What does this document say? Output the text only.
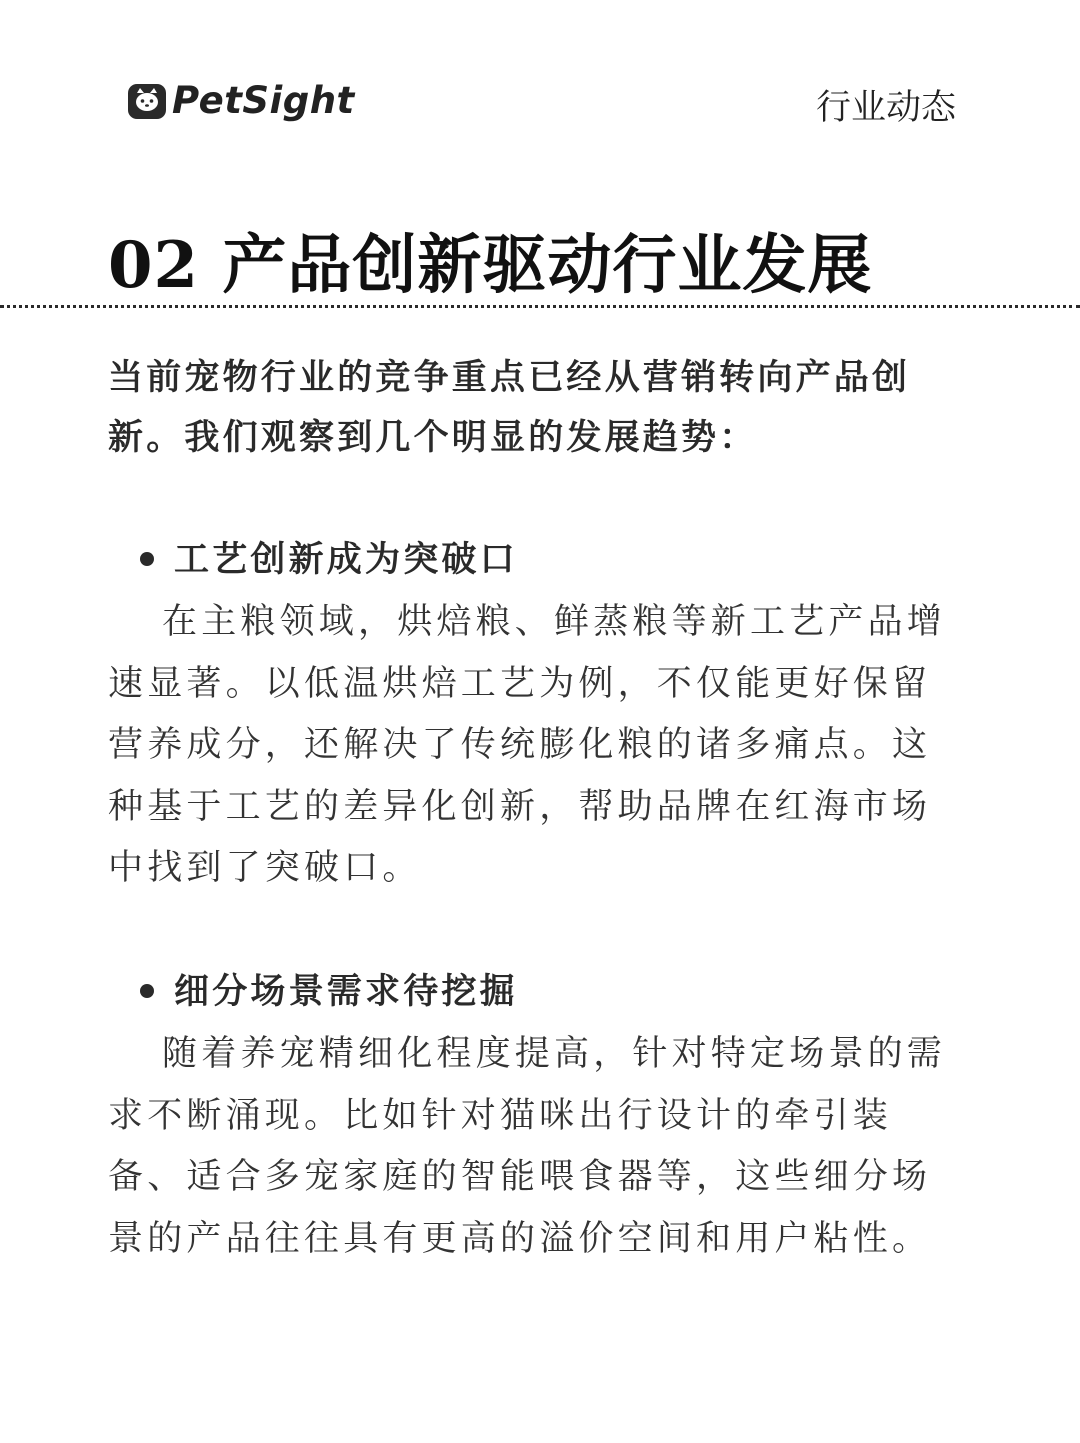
PetSight	行业动态
02 产品创新驱动行业发展

当前宠物行业的竞争重点已经从营销转向产品创新。我们观察到几个明显的发展趋势：

工艺创新成为突破口

在主粮领域，烘焙粮、鲜蒸粮等新工艺产品增速显著。以低温烘焙工艺为例，不仅能更好保留营养成分，还解决了传统膨化粮的诸多痛点。这种基于工艺的差异化创新，帮助品牌在红海市场中找到了突破口。

细分场景需求待挖掘

随着养宠精细化程度提高，针对特定场景的需求不断涌现。比如针对猫咪出行设计的牵引装备、适合多宠家庭的智能喂食器等，这些细分场景的产品往往具有更高的溢价空间和用户粘性。
